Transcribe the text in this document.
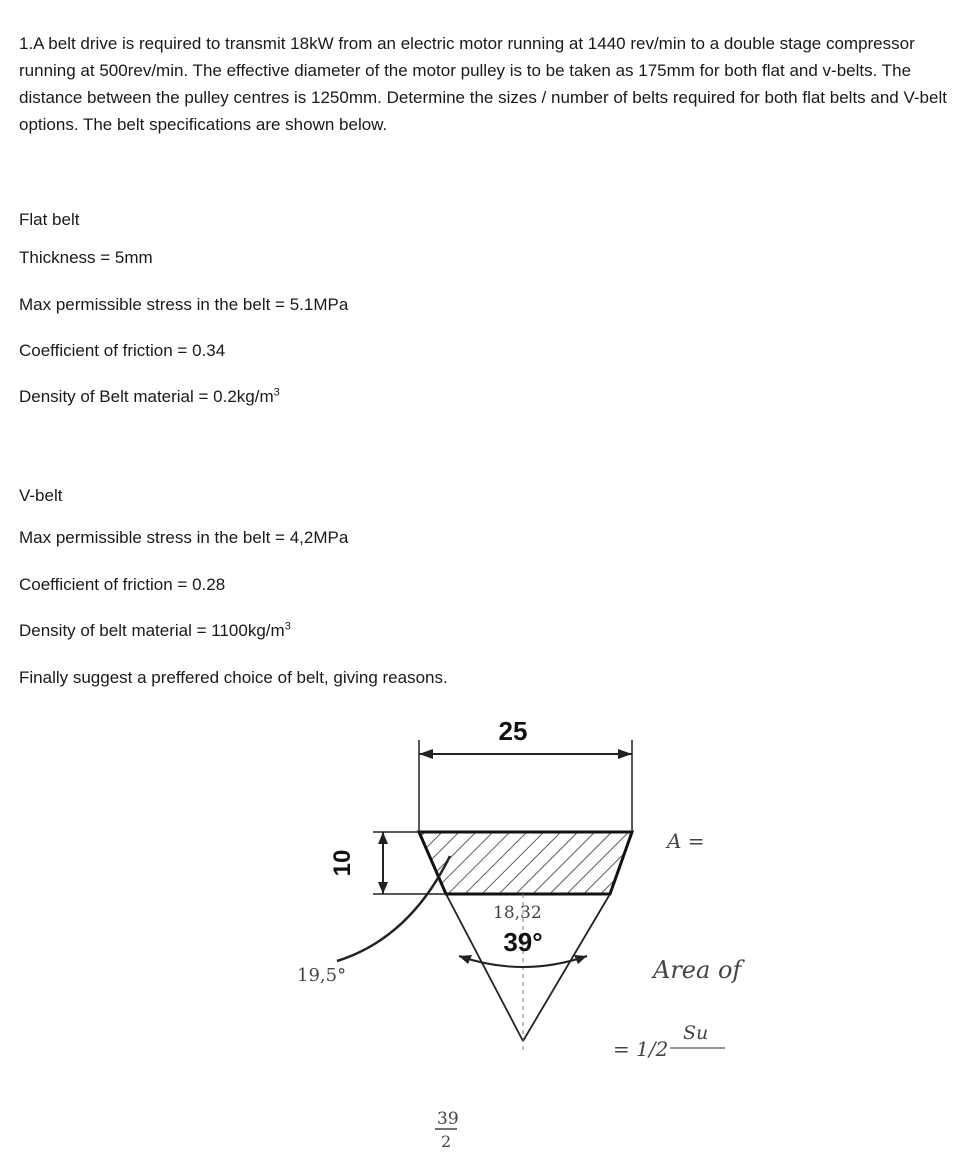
1.A belt drive is required to transmit 18kW from an electric motor running at 1440 rev/min to a double stage compressor running at 500rev/min. The effective diameter of the motor pulley is to be taken as 175mm for both flat and v-belts. The distance between the pulley centres is 1250mm. Determine the sizes / number of belts required for both flat belts and V-belt options. The belt specifications are shown below.

Flat belt

Thickness = 5mm

Max permissible stress in the belt = 5.1MPa

Coefficient of friction = 0.34

Density of Belt material = $0.2kg/m^3$

V-belt

Max permissible stress in the belt = 4,2MPa

Coefficient of friction = 0.28

Density of belt material = $1100kg/m^3$

Finally suggest a preffered choice of belt, giving reasons.

25
10
39°
18,32
19,5°
39
2
A =
Area of
= 1/2
Su
